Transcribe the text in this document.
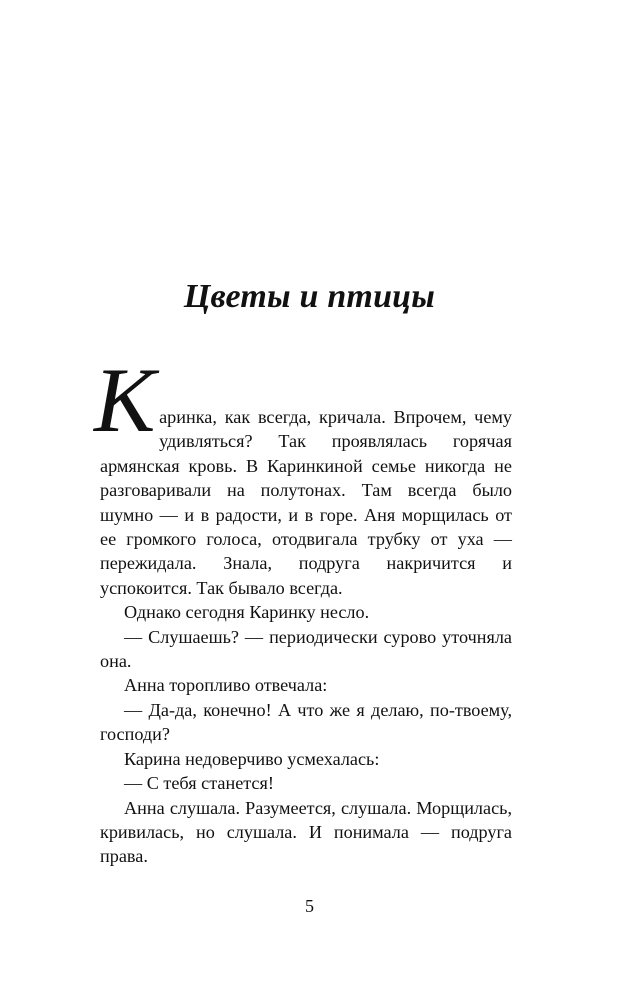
Цветы и птицы

Каринка, как всегда, кричала. Впрочем, чему удивляться? Так проявлялась горячая армянская кровь. В Каринкиной семье никогда не разговаривали на полутонах. Там всегда было шумно — и в радости, и в горе. Аня морщилась от ее громкого голоса, отодвигала трубку от уха — пережидала. Знала, подруга накричится и успокоится. Так бывало всегда.

Однако сегодня Каринку несло.

— Слушаешь? — периодически сурово уточняла она.

Анна торопливо отвечала:

— Да-да, конечно! А что же я делаю, по-твоему, господи?

Карина недоверчиво усмехалась:

— С тебя станется!

Анна слушала. Разумеется, слушала. Морщилась, кривилась, но слушала. И понимала — подруга права.

5
